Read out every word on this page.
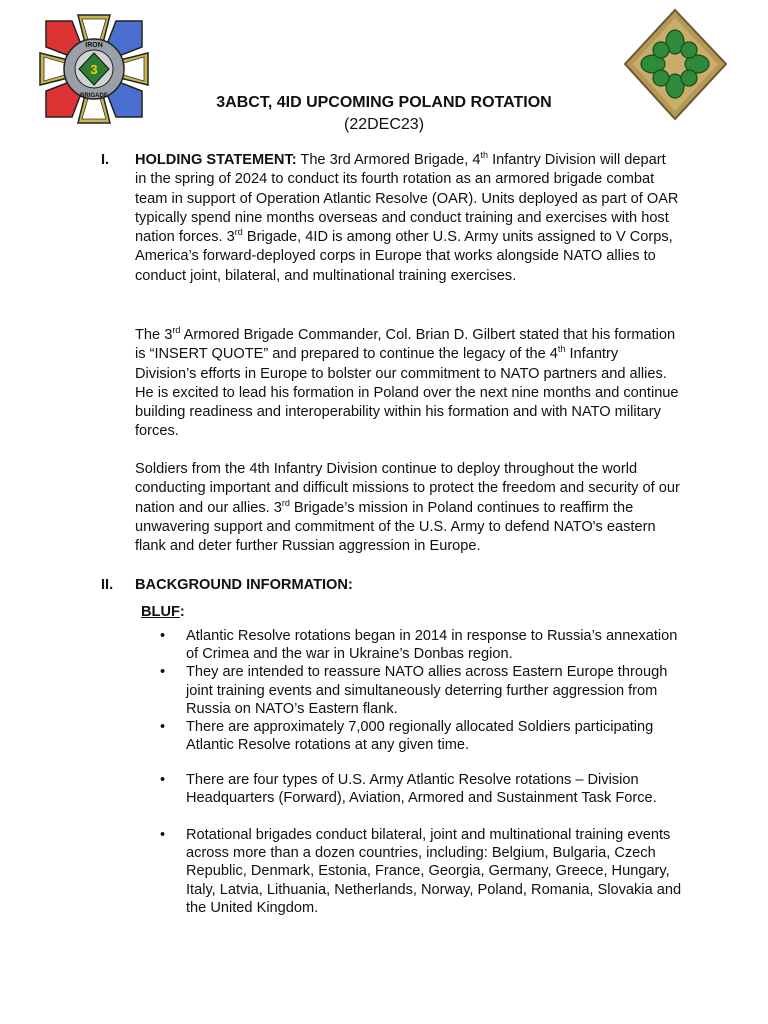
3
IRON
BRIGADE	3ABCT, 4ID UPCOMING POLAND ROTATION
(22DEC23)
I. HOLDING STATEMENT: The 3rd Armored Brigade, 4th Infantry Division will depart in the spring of 2024 to conduct its fourth rotation as an armored brigade combat team in support of Operation Atlantic Resolve (OAR). Units deployed as part of OAR typically spend nine months overseas and conduct training and exercises with host nation forces. 3rd Brigade, 4ID is among other U.S. Army units assigned to V Corps, America’s forward-deployed corps in Europe that works alongside NATO allies to conduct joint, bilateral, and multinational training exercises.

The 3rd Armored Brigade Commander, Col. Brian D. Gilbert stated that his formation is “INSERT QUOTE” and prepared to continue the legacy of the 4th Infantry Division’s efforts in Europe to bolster our commitment to NATO partners and allies. He is excited to lead his formation in Poland over the next nine months and continue building readiness and interoperability within his formation and with NATO military forces.

Soldiers from the 4th Infantry Division continue to deploy throughout the world conducting important and difficult missions to protect the freedom and security of our nation and our allies. 3rd Brigade’s mission in Poland continues to reaffirm the unwavering support and commitment of the U.S. Army to defend NATO's eastern flank and deter further Russian aggression in Europe.

II. BACKGROUND INFORMATION:
BLUF:
• Atlantic Resolve rotations began in 2014 in response to Russia’s annexation of Crimea and the war in Ukraine’s Donbas region.
• They are intended to reassure NATO allies across Eastern Europe through joint training events and simultaneously deterring further aggression from Russia on NATO’s Eastern flank.
• There are approximately 7,000 regionally allocated Soldiers participating Atlantic Resolve rotations at any given time.
• There are four types of U.S. Army Atlantic Resolve rotations – Division Headquarters (Forward), Aviation, Armored and Sustainment Task Force.
• Rotational brigades conduct bilateral, joint and multinational training events across more than a dozen countries, including: Belgium, Bulgaria, Czech Republic, Denmark, Estonia, France, Georgia, Germany, Greece, Hungary, Italy, Latvia, Lithuania, Netherlands, Norway, Poland, Romania, Slovakia and the United Kingdom.
